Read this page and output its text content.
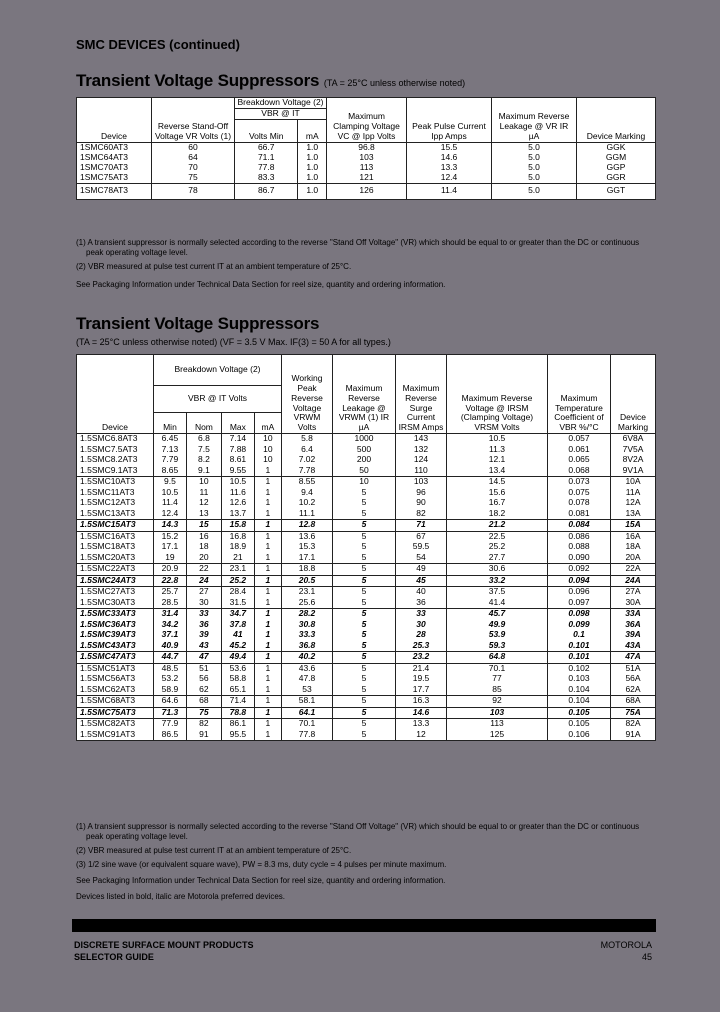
SMC DEVICES (continued)
Transient Voltage Suppressors (TA = 25°C unless otherwise noted)
Device	Reverse Stand-Off Voltage VR Volts (1)	Breakdown Voltage (2)		Maximum Clamping Voltage VC @ Ipp Volts	Peak Pulse Current Ipp Amps	Maximum Reverse Leakage @ VR IR µA	Device Marking
		VBR @ IT					
		Volts Min	mA				
1SMC60AT3	60	66.7	1.0	96.8	15.5	5.0	GGK
1SMC64AT3	64	71.1	1.0	103	14.6	5.0	GGM
1SMC70AT3	70	77.8	1.0	113	13.3	5.0	GGP
1SMC75AT3	75	83.3	1.0	121	12.4	5.0	GGR
1SMC78AT3	78	86.7	1.0	126	11.4	5.0	GGT
(1) A transient suppressor is normally selected according to the reverse "Stand Off Voltage" (VR) which should be equal to or greater than the DC or continuous peak operating voltage level.
(2) VBR measured at pulse test current IT at an ambient temperature of 25°C.
See Packaging Information under Technical Data Section for reel size, quantity and ordering information.
Transient Voltage Suppressors
(TA = 25°C unless otherwise noted) (VF = 3.5 V Max. IF(3) = 50 A for all types.)
Device	Breakdown Voltage (2)				Working Peak Reverse Voltage VRWM Volts	Maximum Reverse Leakage @ VRWM (1) IR µA	Maximum Reverse Surge Current IRSM Amps	Maximum Reverse Voltage @ IRSM (Clamping Voltage) VRSM Volts	Maximum Temperature Coefficient of VBR %/°C	Device Marking
	VBR @ IT Volts									
	Min	Nom	Max	mA						
1.5SMC6.8AT3	6.45	6.8	7.14	10	5.8	1000	143	10.5	0.057	6V8A
1.5SMC7.5AT3	7.13	7.5	7.88	10	6.4	500	132	11.3	0.061	7V5A
1.5SMC8.2AT3	7.79	8.2	8.61	10	7.02	200	124	12.1	0.065	8V2A
1.5SMC9.1AT3	8.65	9.1	9.55	1	7.78	50	110	13.4	0.068	9V1A
1.5SMC10AT3	9.5	10	10.5	1	8.55	10	103	14.5	0.073	10A
1.5SMC11AT3	10.5	11	11.6	1	9.4	5	96	15.6	0.075	11A
1.5SMC12AT3	11.4	12	12.6	1	10.2	5	90	16.7	0.078	12A
1.5SMC13AT3	12.4	13	13.7	1	11.1	5	82	18.2	0.081	13A
1.5SMC15AT3	14.3	15	15.8	1	12.8	5	71	21.2	0.084	15A
1.5SMC16AT3	15.2	16	16.8	1	13.6	5	67	22.5	0.086	16A
1.5SMC18AT3	17.1	18	18.9	1	15.3	5	59.5	25.2	0.088	18A
1.5SMC20AT3	19	20	21	1	17.1	5	54	27.7	0.090	20A
1.5SMC22AT3	20.9	22	23.1	1	18.8	5	49	30.6	0.092	22A
1.5SMC24AT3	22.8	24	25.2	1	20.5	5	45	33.2	0.094	24A
1.5SMC27AT3	25.7	27	28.4	1	23.1	5	40	37.5	0.096	27A
1.5SMC30AT3	28.5	30	31.5	1	25.6	5	36	41.4	0.097	30A
1.5SMC33AT3	31.4	33	34.7	1	28.2	5	33	45.7	0.098	33A
1.5SMC36AT3	34.2	36	37.8	1	30.8	5	30	49.9	0.099	36A
1.5SMC39AT3	37.1	39	41	1	33.3	5	28	53.9	0.1	39A
1.5SMC43AT3	40.9	43	45.2	1	36.8	5	25.3	59.3	0.101	43A
1.5SMC47AT3	44.7	47	49.4	1	40.2	5	23.2	64.8	0.101	47A
1.5SMC51AT3	48.5	51	53.6	1	43.6	5	21.4	70.1	0.102	51A
1.5SMC56AT3	53.2	56	58.8	1	47.8	5	19.5	77	0.103	56A
1.5SMC62AT3	58.9	62	65.1	1	53	5	17.7	85	0.104	62A
1.5SMC68AT3	64.6	68	71.4	1	58.1	5	16.3	92	0.104	68A
1.5SMC75AT3	71.3	75	78.8	1	64.1	5	14.6	103	0.105	75A
1.5SMC82AT3	77.9	82	86.1	1	70.1	5	13.3	113	0.105	82A
1.5SMC91AT3	86.5	91	95.5	1	77.8	5	12	125	0.106	91A
(1) A transient suppressor is normally selected according to the reverse "Stand Off Voltage" (VR) which should be equal to or greater than the DC or continuous peak operating voltage level.
(2) VBR measured at pulse test current IT at an ambient temperature of 25°C.
(3) 1/2 sine wave (or equivalent square wave), PW = 8.3 ms, duty cycle = 4 pulses per minute maximum.
See Packaging Information under Technical Data Section for reel size, quantity and ordering information.
Devices listed in bold, italic are Motorola preferred devices.
DISCRETE SURFACE MOUNT PRODUCTS
SELECTOR GUIDE
MOTOROLA
45
